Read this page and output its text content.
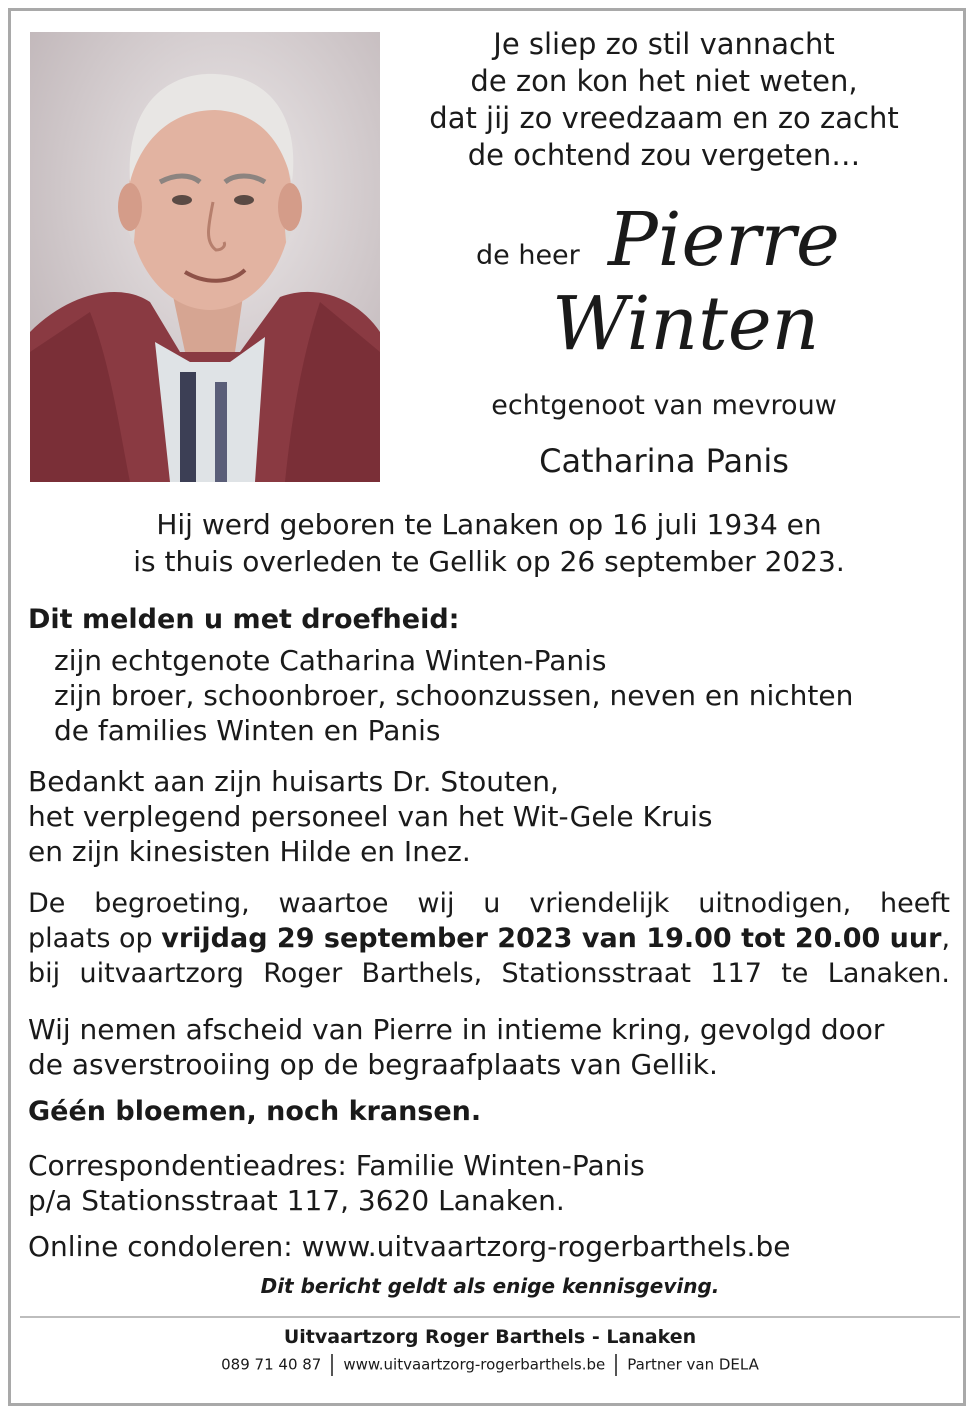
Je sliep zo stil vannacht
de zon kon het niet weten,
dat jij zo vreedzaam en zo zacht
de ochtend zou vergeten…
de heer Pierre
Winten
echtgenoot van mevrouw
Catharina Panis
Hij werd geboren te Lanaken op 16 juli 1934 en
is thuis overleden te Gellik op 26 september 2023.
Dit melden u met droefheid:
zijn echtgenote Catharina Winten-Panis
zijn broer, schoonbroer, schoonzussen, neven en nichten
de families Winten en Panis
Bedankt aan zijn huisarts Dr. Stouten,
het verplegend personeel van het Wit-Gele Kruis
en zijn kinesisten Hilde en Inez.
De begroeting, waartoe wij u vriendelijk uitnodigen, heeft
plaats op vrijdag 29 september 2023 van 19.00 tot 20.00 uur,
bij uitvaartzorg Roger Barthels, Stationsstraat 117 te Lanaken.
Wij nemen afscheid van Pierre in intieme kring, gevolgd door
de asverstrooiing op de begraafplaats van Gellik.
Géén bloemen, noch kransen.
Correspondentieadres: Familie Winten-Panis
p/a Stationsstraat 117, 3620 Lanaken.
Online condoleren: www.uitvaartzorg-rogerbarthels.be
Dit bericht geldt als enige kennisgeving.
Uitvaartzorg Roger Barthels - Lanaken
089 71 40 87 www.uitvaartzorg-rogerbarthels.be Partner van DELA
